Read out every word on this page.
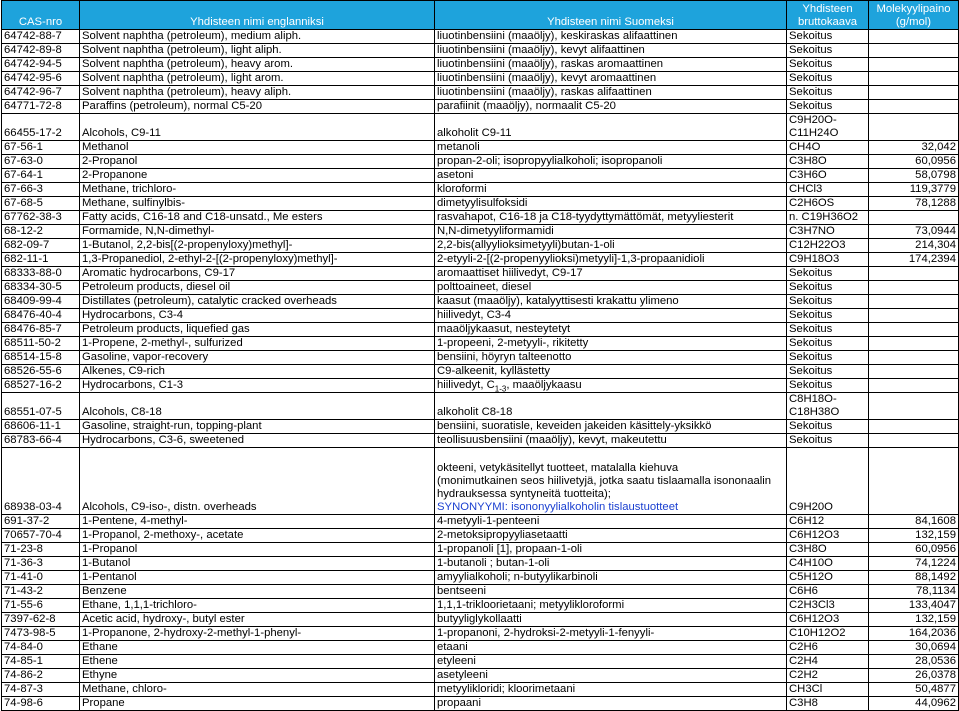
CAS-nro	Yhdisteen nimi englanniksi	Yhdisteen nimi Suomeksi	Yhdisteen
bruttokaava	Molekyylipaino
(g/mol)
64742-88-7	Solvent naphtha (petroleum), medium aliph.	liuotinbensiini (maaöljy), keskiraskas alifaattinen	Sekoitus	
64742-89-8	Solvent naphtha (petroleum), light aliph.	liuotinbensiini (maaöljy), kevyt alifaattinen	Sekoitus	
64742-94-5	Solvent naphtha (petroleum), heavy arom.	liuotinbensiini (maaöljy), raskas aromaattinen	Sekoitus	
64742-95-6	Solvent naphtha (petroleum), light arom.	liuotinbensiini (maaöljy), kevyt aromaattinen	Sekoitus	
64742-96-7	Solvent naphtha (petroleum), heavy aliph.	liuotinbensiini (maaöljy), raskas alifaattinen	Sekoitus	
64771-72-8	Paraffins (petroleum), normal C5-20	parafiinit (maaöljy), normaalit C5-20	Sekoitus	
66455-17-2	Alcohols, C9-11	alkoholit C9-11	C9H20O-
C11H24O	
67-56-1	Methanol	metanoli	CH4O	32,042
67-63-0	2-Propanol	propan-2-oli; isopropyylialkoholi; isopropanoli	C3H8O	60,0956
67-64-1	2-Propanone	asetoni	C3H6O	58,0798
67-66-3	Methane, trichloro-	kloroformi	CHCl3	119,3779
67-68-5	Methane, sulfinylbis-	dimetyylisulfoksidi	C2H6OS	78,1288
67762-38-3	Fatty acids, C16-18 and C18-unsatd., Me esters	rasvahapot, C16-18 ja C18-tyydyttymättömät, metyyliesterit	n. C19H36O2	
68-12-2	Formamide, N,N-dimethyl-	N,N-dimetyyliformamidi	C3H7NO	73,0944
682-09-7	1-Butanol, 2,2-bis[(2-propenyloxy)methyl]-	2,2-bis(allyylioksimetyyli)butan-1-oli	C12H22O3	214,304
682-11-1	1,3-Propanediol, 2-ethyl-2-[(2-propenyloxy)methyl]-	2-etyyli-2-[(2-propenyylioksi)metyyli]-1,3-propaanidioli	C9H18O3	174,2394
68333-88-0	Aromatic hydrocarbons, C9-17	aromaattiset hiilivedyt, C9-17	Sekoitus	
68334-30-5	Petroleum products, diesel oil	polttoaineet, diesel	Sekoitus	
68409-99-4	Distillates (petroleum), catalytic cracked overheads	kaasut (maaöljy), katalyyttisesti krakattu ylimeno	Sekoitus	
68476-40-4	Hydrocarbons, C3-4	hiilivedyt, C3-4	Sekoitus	
68476-85-7	Petroleum products, liquefied gas	maaöljykaasut, nesteytetyt	Sekoitus	
68511-50-2	1-Propene, 2-methyl-, sulfurized	1-propeeni, 2-metyyli-, rikitetty	Sekoitus	
68514-15-8	Gasoline, vapor-recovery	bensiini, höyryn talteenotto	Sekoitus	
68526-55-6	Alkenes, C9-rich	C9-alkeenit, kyllästetty	Sekoitus	
68527-16-2	Hydrocarbons, C1-3	hiilivedyt, $C_{1-3}$, maaöljykaasu	Sekoitus	
68551-07-5	Alcohols, C8-18	alkoholit C8-18	C8H18O-
C18H38O	
68606-11-1	Gasoline, straight-run, topping-plant	bensiini, suoratisle, keveiden jakeiden käsittely-yksikkö	Sekoitus	
68783-66-4	Hydrocarbons, C3-6, sweetened	teollisuusbensiini (maaöljy), kevyt, makeutettu	Sekoitus	
68938-03-4	Alcohols, C9-iso-, distn. overheads	okteeni, vetykäsitellyt tuotteet, matalalla kiehuva
(monimutkainen seos hiilivetyjä, jotka saatu tislaamalla isononaalin
hydrauksessa syntyneitä tuotteita);
SYNONYYMI: isononyylialkoholin tislaustuotteet	C9H20O	
691-37-2	1-Pentene, 4-methyl-	4-metyyli-1-penteeni	C6H12	84,1608
70657-70-4	1-Propanol, 2-methoxy-, acetate	2-metoksipropyyliasetaatti	C6H12O3	132,159
71-23-8	1-Propanol	1-propanoli [1], propaan-1-oli	C3H8O	60,0956
71-36-3	1-Butanol	1-butanoli ; butan-1-oli	C4H10O	74,1224
71-41-0	1-Pentanol	amyylialkoholi; n-butyylikarbinoli	C5H12O	88,1492
71-43-2	Benzene	bentseeni	C6H6	78,1134
71-55-6	Ethane, 1,1,1-trichloro-	1,1,1-trikloorietaani; metyylikloroformi	C2H3Cl3	133,4047
7397-62-8	Acetic acid, hydroxy-, butyl ester	butyyliglykollaatti	C6H12O3	132,159
7473-98-5	1-Propanone, 2-hydroxy-2-methyl-1-phenyl-	1-propanoni, 2-hydroksi-2-metyyli-1-fenyyli-	C10H12O2	164,2036
74-84-0	Ethane	etaani	C2H6	30,0694
74-85-1	Ethene	etyleeni	C2H4	28,0536
74-86-2	Ethyne	asetyleeni	C2H2	26,0378
74-87-3	Methane, chloro-	metyylikloridi; kloorimetaani	CH3Cl	50,4877
74-98-6	Propane	propaani	C3H8	44,0962
